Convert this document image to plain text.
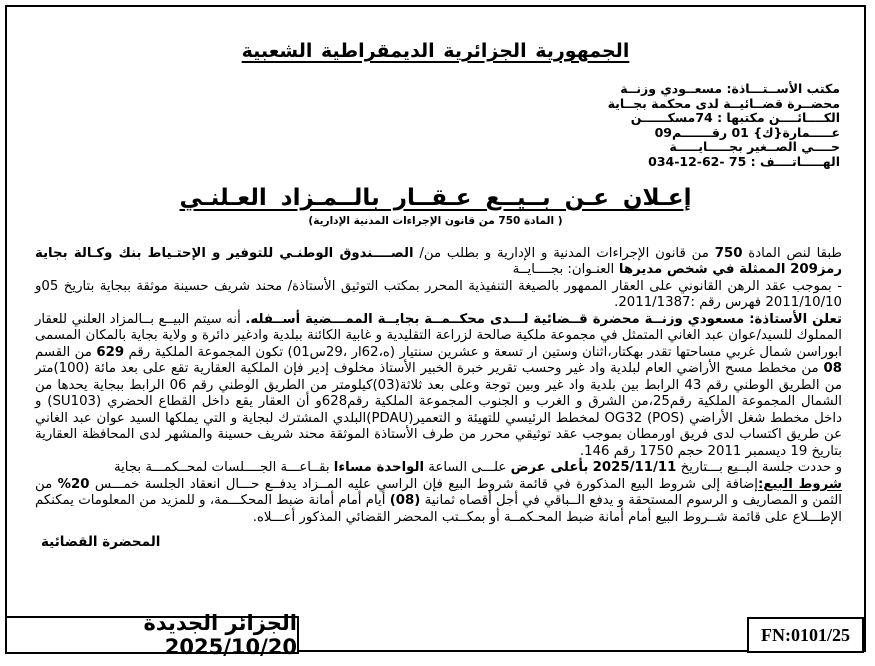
الجمهورية الجزائرية الديمقراطية الشعبية
مكتب الأســتـــاذة: مسعــودي وزنــة
محضــرة قضــائيــة لدى محكمة بجــاية
الكــــائــــن مكتبها : 74مسكــــــن
عـــــمارة{ك} 01 رقـــــــم09
حــــي الصــغير بجـــــايـــــة
الهـــــاتــــف : 034-12-62- 75
إعـلان عـن بــيــع عـقــار بالــمـزاد العـلنـي
( المادة 750 من قانون الإجراءات المدنية الإدارية)

طبقا لنص المادة 750 من قانون الإجراءات المدنية و الإدارية و بطلب من/ الصــــندوق الوطنـي للتوفير و الإحتـياط بنك وكـالة بجاية رمز209 الممثلة في شخص مديرها العنـوان: بجــــايــة

- بموجب عقد الرهن القانوني على العقار الممهور بالصيغة التنفيذية المحرر بمكتب التوثيق الأستاذة/ محند شريف حسينة موثقة ببجاية بتاريخ 05و 2011/10/10 فهرس رقم :2011/1387.

تعلن الأستاذة: مسعودي وزنــة محضرة قــضائية لـــدى محكــمــة بجايــة الممـــضية أســفله. أنه سيتم البيــع بــالمزاد العلني للعقار المملوك للسيد/عوان عبد الغاني المتمثل في مجموعة ملكية صالحة لزراعة التقليدية و غابية الكائنة ببلدية وادغير دائرة و ولاية بجاية بالمكان المسمى ابوراسن شمال غربي مساحتها تقدر بهكتار،اثنان وستين ار تسعة و عشرين سنتيار (01ه،62ار ،29س) تكون المجموعة الملكية رقم 629 من القسم 08 من مخطط مسح الأراضي العام لبلدية واد غير وحسب تقرير خبرة الخبير الأستاذ مخلوف إدير فإن الملكية العقارية تقع على بعد مائة (100)متر من الطريق الوطني رقم 43 الرابط بين بلدية واد غير وبين توجة وعلى بعد ثلاثة(03)كيلومتر من الطريق الوطني رقم 06 الرابط ببجاية يحدها من الشمال المجموعة الملكية رقم25،من الشرق و الغرب و الجنوب المجموعة الملكية رقم628و أن العقار يقع داخل القطاع الحضري (SU103) و داخل مخطط شغل الأراضي OG32 (POS) لمخطط الرئيسي للتهيئة و التعمير(PDAU)البلدي المشترك لبجاية و التي يملكها السيد عوان عبد الغاني عن طريق اكتساب لدى فريق اورمطان بموجب عقد توثيقي محرر من طرف الأستاذة الموثقة محند شريف حسينة والمشهر لدى المحافظة العقارية بتاريخ 19 ديسمبر 2011 حجم 1750 رقم 146.

و حددت جلسة البــيع بـــتاريخ 2025/11/11 بأعلى عرض علـــى الساعة الواحدة مساءا بقــاعـــة الجــــلسات لمحــكمـــة بجاية

شروط البيع:إضافة إلى شروط البيع المذكورة في قائمة شروط البيع فإن الراسي عليه المــزاد يدفــع حـــال انعقاد الجلسة خمـــس 20% من الثمن و المصاريف و الرسوم المستحقة و يدفع الــباقي في أجل أقصاه ثمانية (08) أيام أمام أمانة ضبط المحكـــمة، و للمزيد من المعلومات يمكنكم الإطـــلاع على قائمة شــروط البيع أمام أمانة ضبط المحـكمــة أو بمكــتب المحضر القضائي المذكور أعـــلاه.

المحضرة القضائية
الجزائر الجديدة 2025/10/20
FN:0101/25
